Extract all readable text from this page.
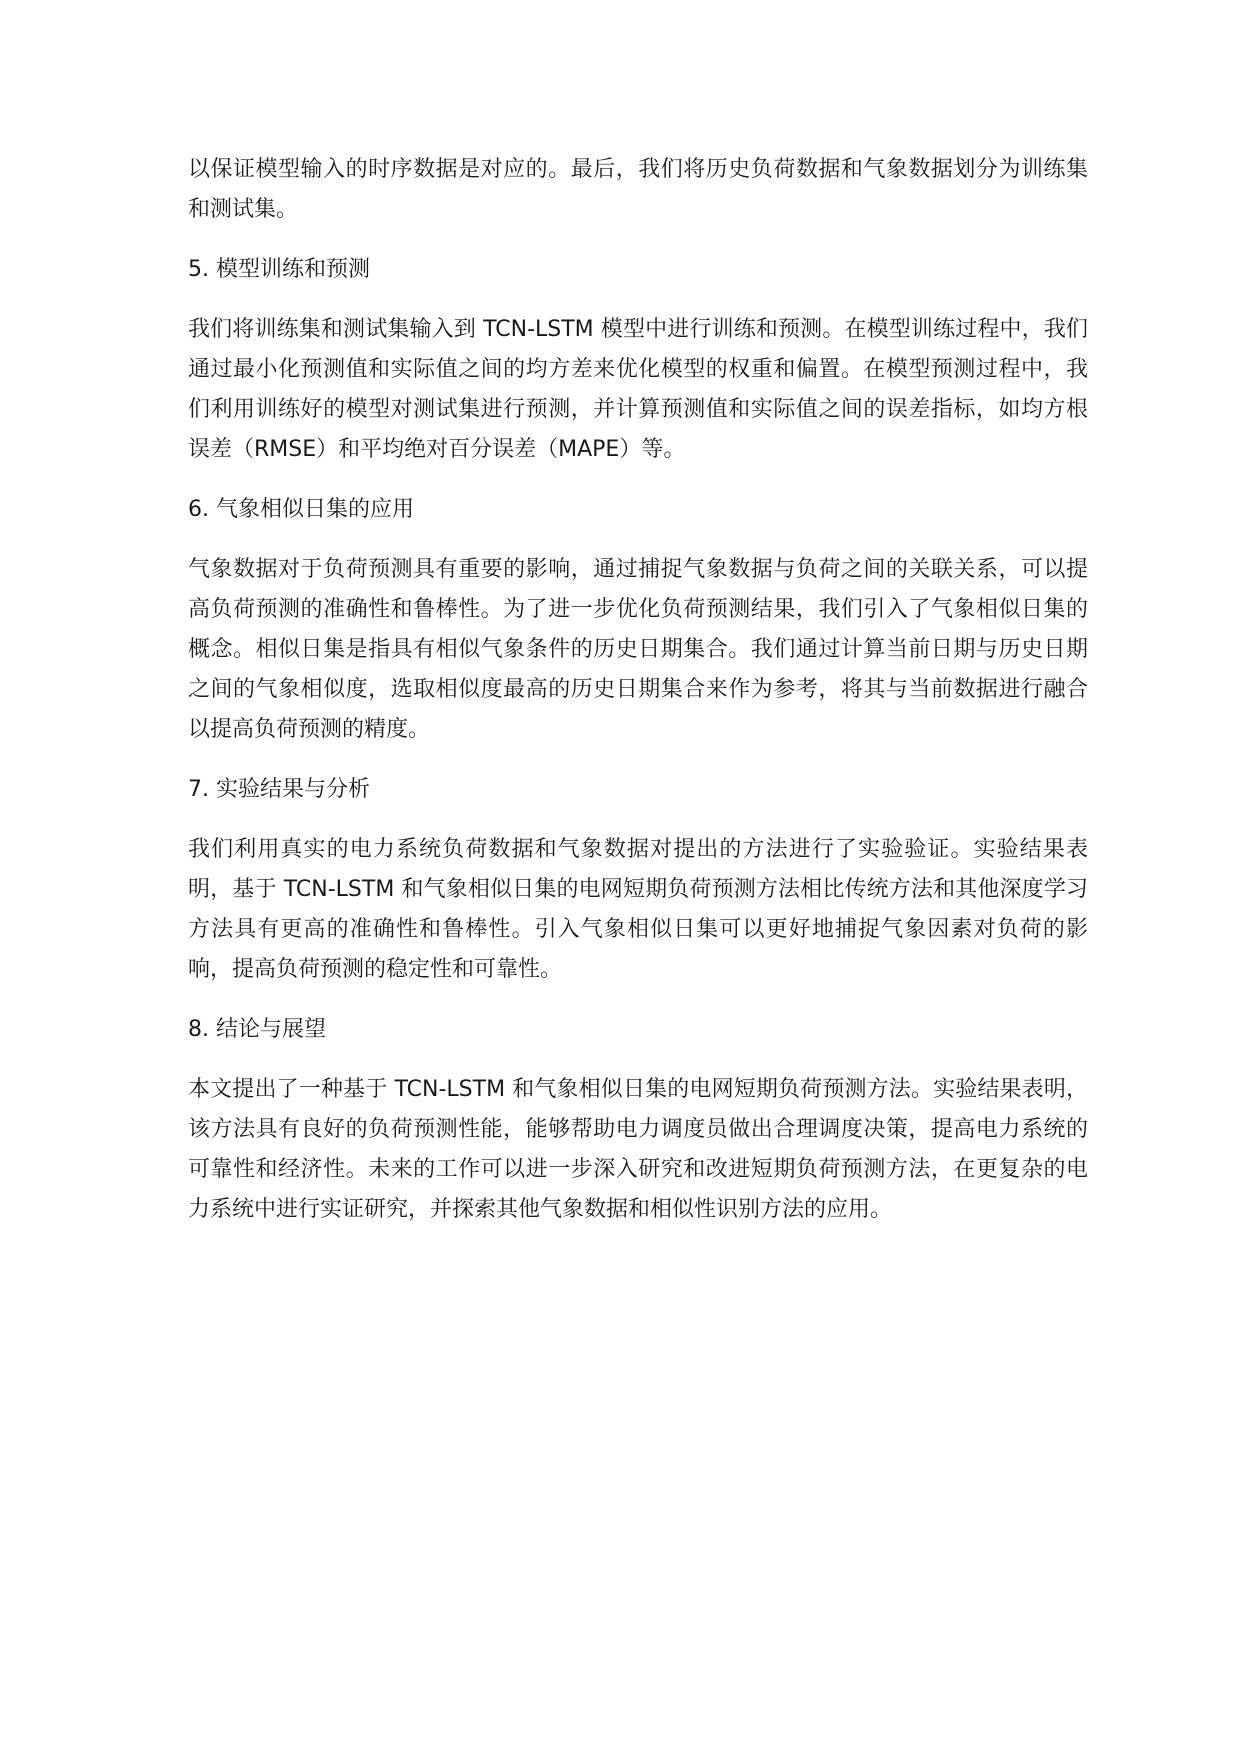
以保证模型输入的时序数据是对应的。最后，我们将历史负荷数据和气象数据划分为训练集和测试集。

5. 模型训练和预测

我们将训练集和测试集输入到 TCN-LSTM 模型中进行训练和预测。在模型训练过程中，我们通过最小化预测值和实际值之间的均方差来优化模型的权重和偏置。在模型预测过程中，我们利用训练好的模型对测试集进行预测，并计算预测值和实际值之间的误差指标，如均方根误差（RMSE）和平均绝对百分误差（MAPE）等。

6. 气象相似日集的应用

气象数据对于负荷预测具有重要的影响，通过捕捉气象数据与负荷之间的关联关系，可以提高负荷预测的准确性和鲁棒性。为了进一步优化负荷预测结果，我们引入了气象相似日集的概念。相似日集是指具有相似气象条件的历史日期集合。我们通过计算当前日期与历史日期之间的气象相似度，选取相似度最高的历史日期集合来作为参考，将其与当前数据进行融合以提高负荷预测的精度。

7. 实验结果与分析

我们利用真实的电力系统负荷数据和气象数据对提出的方法进行了实验验证。实验结果表明，基于 TCN-LSTM 和气象相似日集的电网短期负荷预测方法相比传统方法和其他深度学习方法具有更高的准确性和鲁棒性。引入气象相似日集可以更好地捕捉气象因素对负荷的影响，提高负荷预测的稳定性和可靠性。

8. 结论与展望

本文提出了一种基于 TCN-LSTM 和气象相似日集的电网短期负荷预测方法。实验结果表明，该方法具有良好的负荷预测性能，能够帮助电力调度员做出合理调度决策，提高电力系统的可靠性和经济性。未来的工作可以进一步深入研究和改进短期负荷预测方法，在更复杂的电力系统中进行实证研究，并探索其他气象数据和相似性识别方法的应用。
